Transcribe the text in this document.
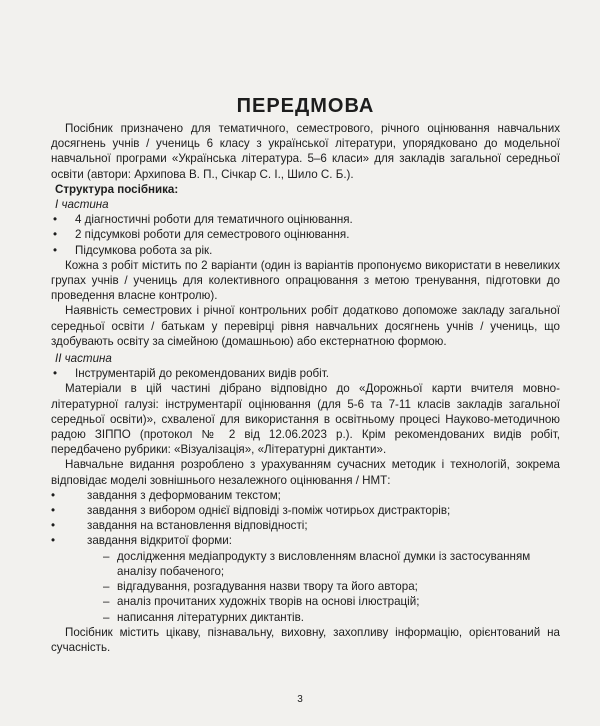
ПЕРЕДМОВА

Посібник призначено для тематичного, семестрового, річного оцінювання навчальних досягнень учнів / учениць 6 класу з української літератури, упорядковано до модельної навчальної програми «Українська література. 5–6 класи» для закладів загальної середньої освіти (автори: Архипова В. П., Січкар С. І., Шило С. Б.).

Структура посібника:

І частина

• 4 діагностичні роботи для тематичного оцінювання.
• 2 підсумкові роботи для семестрового оцінювання.
• Підсумкова робота за рік.

Кожна з робіт містить по 2 варіанти (один із варіантів пропонуємо використати в невеликих групах учнів / учениць для колективного опрацювання з метою тренування, підготовки до проведення власне контролю).

Наявність семестрових і річної контрольних робіт додатково допоможе закладу загальної середньої освіти / батькам у перевірці рівня навчальних досягнень учнів / учениць, що здобувають освіту за сімейною (домашньою) або екстернатною формою.

ІІ частина

• Інструментарій до рекомендованих видів робіт.

Матеріали в цій частині дібрано відповідно до «Дорожньої карти вчителя мовно-літературної галузі: інструментарії оцінювання (для 5-6 та 7-11 класів закладів загальної середньої освіти)», схваленої для використання в освітньому процесі Науково-методичною радою ЗІППО (протокол № 2 від 12.06.2023 р.). Крім рекомендованих видів робіт, передбачено рубрики: «Візуалізація», «Літературні диктанти».

Навчальне видання розроблено з урахуванням сучасних методик і технологій, зокрема відповідає моделі зовнішнього незалежного оцінювання / НМТ:

• завдання з деформованим текстом;
• завдання з вибором однієї відповіді з-поміж чотирьох дистракторів;
• завдання на встановлення відповідності;
• завдання відкритої форми:
– дослідження медіапродукту з висловленням власної думки із застосуванням аналізу побаченого;
– відгадування, розгадування назви твору та його автора;
– аналіз прочитаних художніх творів на основі ілюстрацій;
– написання літературних диктантів.

Посібник містить цікаву, пізнавальну, виховну, захопливу інформацію, орієнтований на сучасність.

3
